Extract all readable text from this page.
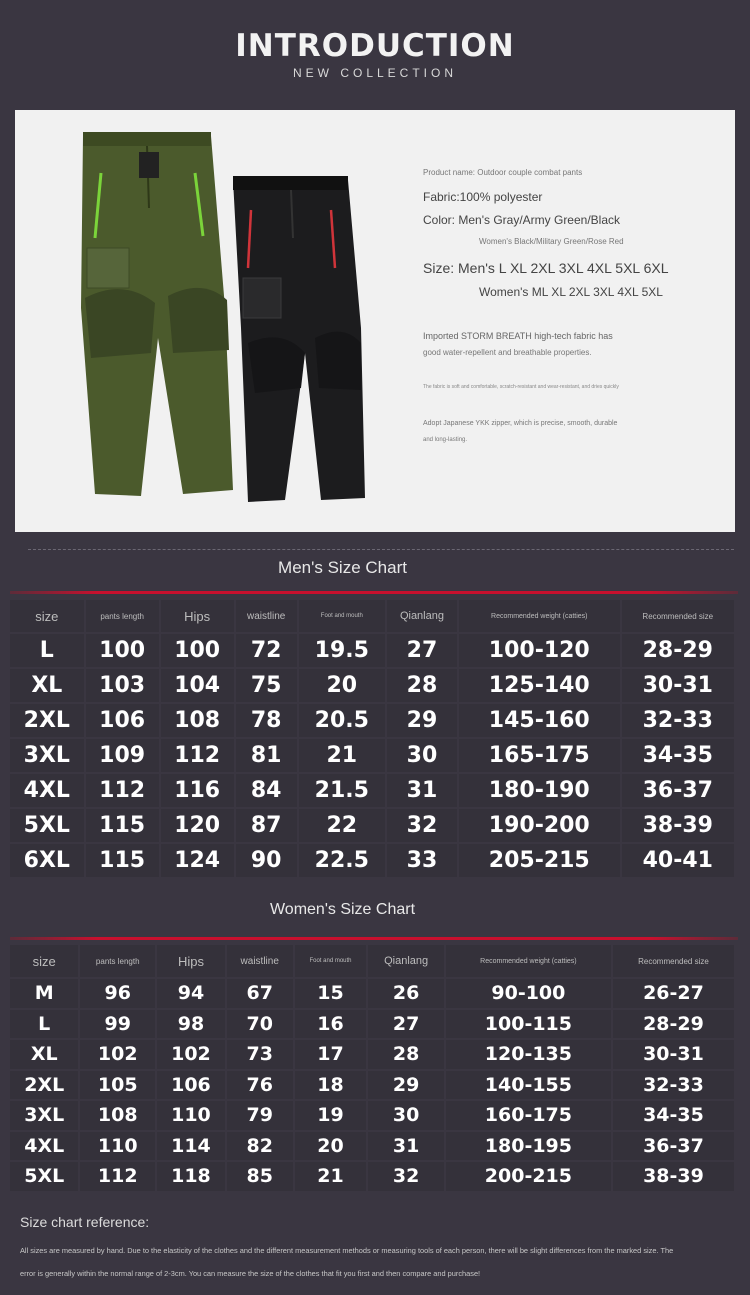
INTRODUCTION
NEW COLLECTION
Product name: Outdoor couple combat pants
Fabric:100% polyester
Color: Men's Gray/Army Green/Black
Women's Black/Military Green/Rose Red
Size: Men's L XL 2XL 3XL 4XL 5XL 6XL
Women's ML XL 2XL 3XL 4XL 5XL
Imported STORM BREATH high-tech fabric has
good water-repellent and breathable properties.
The fabric is soft and comfortable, scratch-resistant and wear-resistant, and dries quickly
Adopt Japanese YKK zipper, which is precise, smooth, durable
and long-lasting.
Men's Size Chart
size	pants length	Hips	waistline	Foot and mouth	Qianlang	Recommended weight (catties)	Recommended size
L	100	100	72	19.5	27	100-120	28-29
XL	103	104	75	20	28	125-140	30-31
2XL	106	108	78	20.5	29	145-160	32-33
3XL	109	112	81	21	30	165-175	34-35
4XL	112	116	84	21.5	31	180-190	36-37
5XL	115	120	87	22	32	190-200	38-39
6XL	115	124	90	22.5	33	205-215	40-41
Women's Size Chart
size	pants length	Hips	waistline	Foot and mouth	Qianlang	Recommended weight (catties)	Recommended size
M	96	94	67	15	26	90-100	26-27
L	99	98	70	16	27	100-115	28-29
XL	102	102	73	17	28	120-135	30-31
2XL	105	106	76	18	29	140-155	32-33
3XL	108	110	79	19	30	160-175	34-35
4XL	110	114	82	20	31	180-195	36-37
5XL	112	118	85	21	32	200-215	38-39
Size chart reference:
All sizes are measured by hand. Due to the elasticity of the clothes and the different measurement methods or measuring tools of each person, there will be slight differences from the marked size. The
error is generally within the normal range of 2-3cm. You can measure the size of the clothes that fit you first and then compare and purchase!
